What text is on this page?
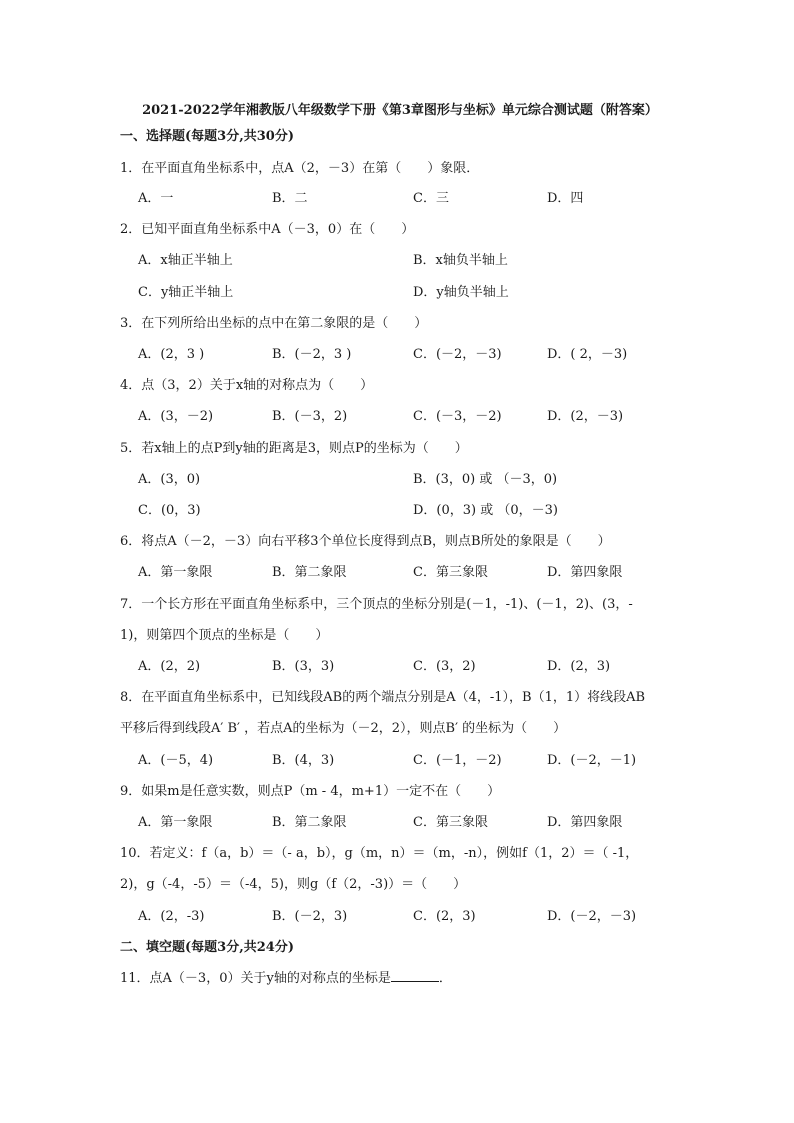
2021-2022学年湘教版八年级数学下册《第3章图形与坐标》单元综合测试题（附答案）
一、选择题(每题3分,共30分)
1．在平面直角坐标系中，点A（2，－3）在第（　　）象限．
A．一	B．二	C．三	D．四
2．已知平面直角坐标系中A（－3，0）在（　　）
A．x轴正半轴上	B．x轴负半轴上
C．y轴正半轴上	D．y轴负半轴上
3．在下列所给出坐标的点中在第二象限的是（　　）
A．(2，3 )	B．(－2，3 )	C．(－2，－3)	D．( 2，－3)
4．点（3，2）关于x轴的对称点为（　　）
A．(3，－2)	B．(－3，2)	C．(－3，－2)	D．(2，－3)
5．若x轴上的点P到y轴的距离是3，则点P的坐标为（　　）
A．(3，0)	B．(3，0) 或 （－3，0)
C．(0，3)	D．(0，3) 或 （0，－3)
6．将点A（－2，－3）向右平移3个单位长度得到点B，则点B所处的象限是（　　）
A．第一象限	B．第二象限	C．第三象限	D．第四象限
7．一个长方形在平面直角坐标系中，三个顶点的坐标分别是(－1，-1)、(－1，2)、(3，-
1)，则第四个顶点的坐标是（　　）
A．(2，2)	B．(3，3)	C．(3，2)	D．(2，3)
8．在平面直角坐标系中，已知线段AB的两个端点分别是A（4，-1），B（1，1）将线段AB
平移后得到线段A′ B′ ，若点A的坐标为（－2，2），则点B′ 的坐标为（　　）
A．(－5，4)	B．(4，3)	C．(－1，－2)	D．(－2，－1)
9．如果m是任意实数，则点P（m - 4，m+1）一定不在（　　）
A．第一象限	B．第二象限	C．第三象限	D．第四象限
10．若定义：f（a，b）＝（- a，b），g（m，n）＝（m，-n），例如f（1，2）＝（ -1，
2)，g（-4，-5）＝（-4，5)，则g（f（2，-3)）＝（　　）
A．(2，-3)	B．(－2，3)	C．(2，3)	D．(－2，－3)
二、填空题(每题3分,共24分)
11．点A（－3，0）关于y轴的对称点的坐标是	．
